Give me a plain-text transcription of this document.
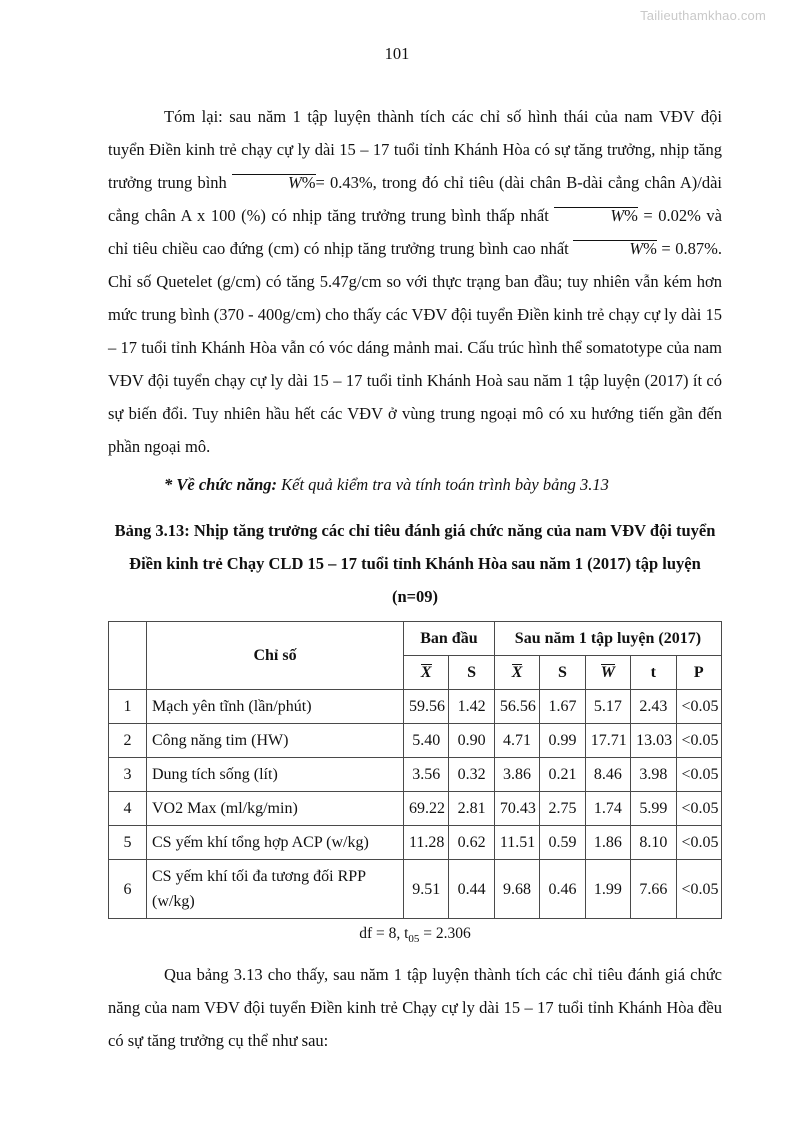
Tailieuthamkhao.com
101

Tóm lại: sau năm 1 tập luyện thành tích các chỉ số hình thái của nam VĐV đội tuyển Điền kinh trẻ chạy cự ly dài 15 – 17 tuổi tỉnh Khánh Hòa có sự tăng trưởng, nhịp tăng trưởng trung bình	W%= 0.43%, trong đó chỉ tiêu (dài chân B-dài cẳng chân A)/dài cẳng chân A x 100 (%) có nhịp tăng trưởng trung bình thấp nhất	W% = 0.02% và chỉ tiêu chiều cao đứng (cm) có nhịp tăng trưởng trung bình cao nhất	W% = 0.87%. Chỉ số Quetelet (g/cm) có tăng 5.47g/cm so với thực trạng ban đầu; tuy nhiên vẫn kém hơn mức trung bình (370 - 400g/cm) cho thấy các VĐV đội tuyển Điền kinh trẻ chạy cự ly dài 15 – 17 tuổi tỉnh Khánh Hòa vẫn có vóc dáng mảnh mai. Cấu trúc hình thể somatotype của nam VĐV đội tuyển chạy cự ly dài 15 – 17 tuổi tỉnh Khánh Hoà sau năm 1 tập luyện (2017) ít có sự biến đổi. Tuy nhiên hầu hết các VĐV ở vùng trung ngoại mô có xu hướng tiến gần đến phần ngoại mô.

* Về chức năng: Kết quả kiểm tra và tính toán trình bày bảng 3.13

Bảng 3.13: Nhịp tăng trưởng các chỉ tiêu đánh giá chức năng của nam VĐV đội tuyển
Điền kinh trẻ Chạy CLD 15 – 17 tuổi tỉnh Khánh Hòa sau năm 1 (2017) tập luyện
(n=09)
	Chỉ số	Ban đầu		Sau năm 1 tập luyện (2017)				
		X	S	X	S	W	t	P
1	Mạch yên tĩnh (lần/phút)	59.56	1.42	56.56	1.67	5.17	2.43	<0.05
2	Công năng tim (HW)	5.40	0.90	4.71	0.99	17.71	13.03	<0.05
3	Dung tích sống (lít)	3.56	0.32	3.86	0.21	8.46	3.98	<0.05
4	VO2 Max (ml/kg/min)	69.22	2.81	70.43	2.75	1.74	5.99	<0.05
5	CS yếm khí tổng hợp ACP (w/kg)	11.28	0.62	11.51	0.59	1.86	8.10	<0.05
6	CS yếm khí tối đa tương đối RPP (w/kg)	9.51	0.44	9.68	0.46	1.99	7.66	<0.05

df = 8, $t_{05} = 2.306$

Qua bảng 3.13 cho thấy, sau năm 1 tập luyện thành tích các chỉ tiêu đánh giá chức năng của nam VĐV đội tuyển Điền kinh trẻ Chạy cự ly dài 15 – 17 tuổi tỉnh Khánh Hòa đều có sự tăng trưởng cụ thể như sau:
